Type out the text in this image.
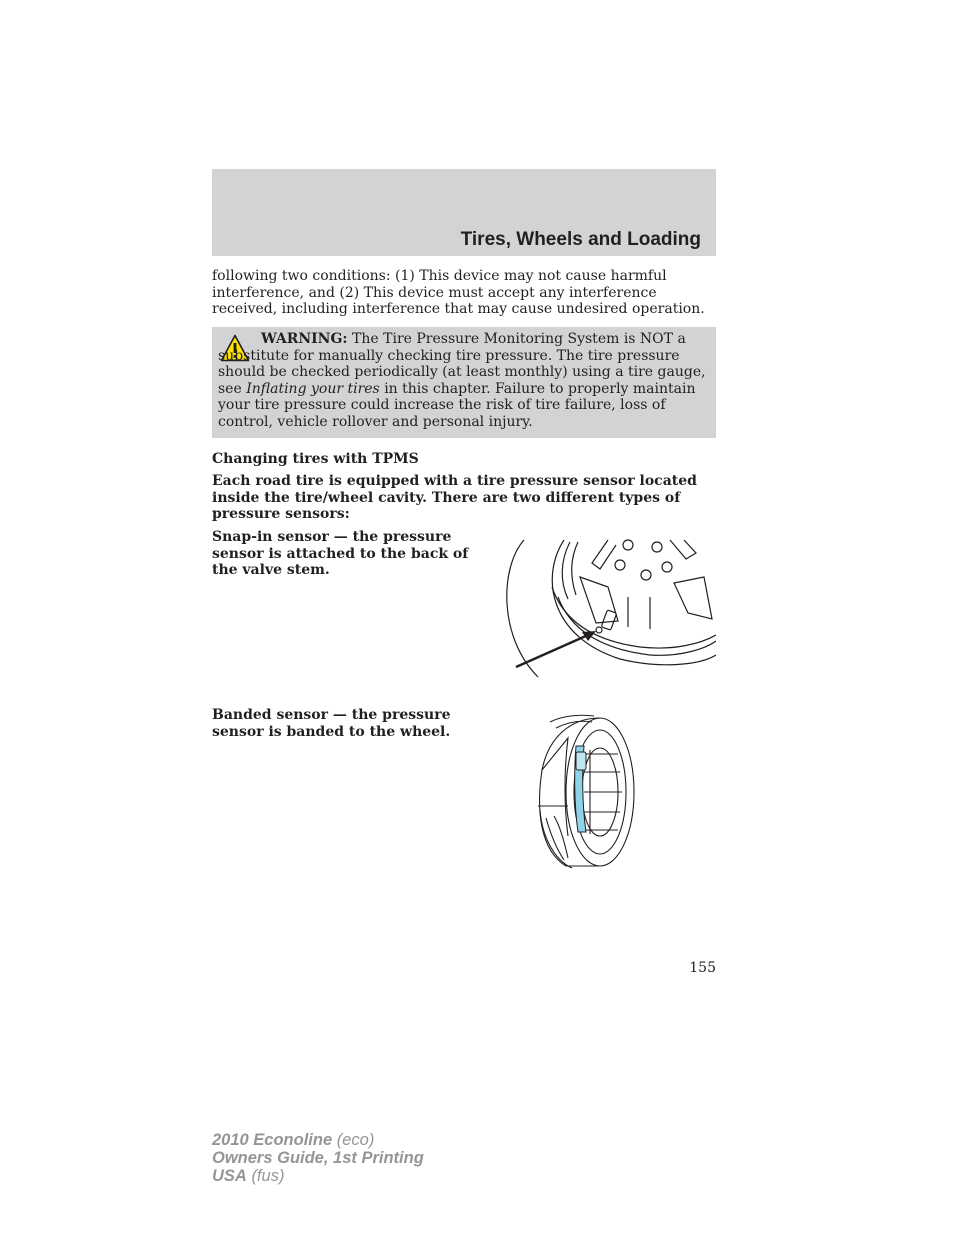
Tires, Wheels and Loading

following two conditions: (1) This device may not cause harmful interference, and (2) This device must accept any interference received, including interference that may cause undesired operation.

WARNING: The Tire Pressure Monitoring System is NOT a substitute for manually checking tire pressure. The tire pressure should be checked periodically (at least monthly) using a tire gauge, see Inflating your tires in this chapter. Failure to properly maintain your tire pressure could increase the risk of tire failure, loss of control, vehicle rollover and personal injury.

Changing tires with TPMS

Each road tire is equipped with a tire pressure sensor located inside the tire/wheel cavity. There are two different types of pressure sensors:

Snap-in sensor — the pressure sensor is attached to the back of the valve stem.

Banded sensor — the pressure sensor is banded to the wheel.

155

2010 Econoline (eco)
Owners Guide, 1st Printing
USA (fus)
